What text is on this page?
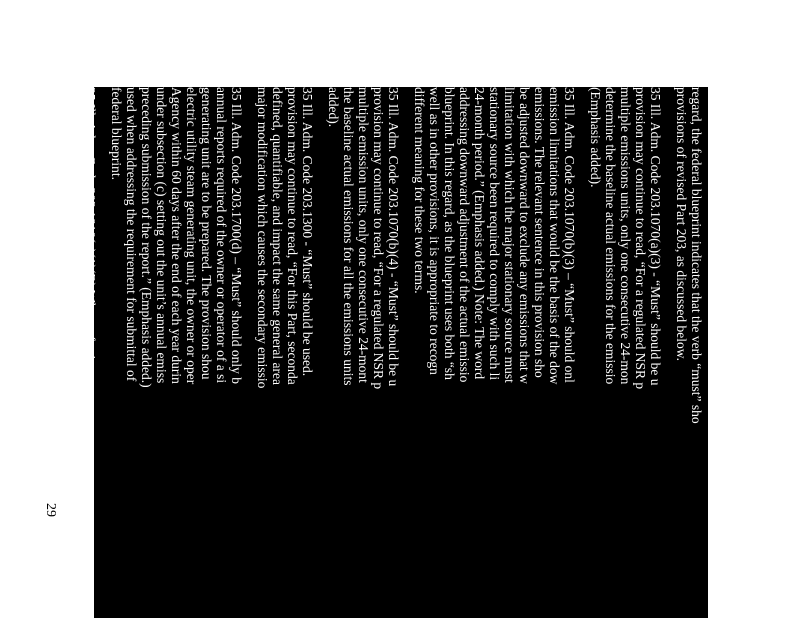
regard, the federal blueprint indicates that the verb “must” sho
provisions of revised Part 203, as discussed below.
35 Ill. Adm. Code 203.1070(a)(3) - “Must” should be u
provision may continue to read, “For a regulated NSR p
multiple emissions units, only one consecutive 24-mon
determine the baseline actual emissions for the emissio
(Emphasis added).
35 Ill. Adm. Code 203.1070(b)(3) – “Must” should onl
emission limitations that would be the basis of the dow
emissions. The relevant sentence in this provision sho
be adjusted downward to exclude any emissions that w
limitation with which the major stationary source must
stationary source been required to comply with such li
24-month period.” (Emphasis added.) Note: The word
addressing downward adjustment of the actual emissio
blueprint. In this regard, as the blueprint uses both “sh
well as in other provisions, it is appropriate to recogn
different meaning for these two terms.
35 Ill. Adm. Code 203.1070(b)(4) - “Must” should be u
provision may continue to read, “For a regulated NSR p
multiple emission units, only one consecutive 24-mont
the baseline actual emissions for all the emissions units
added).
35 Ill. Adm. Code 203.1300 - “Must” should be used.
provision may continue to read, “For this Part, seconda
defined, quantifiable, and impact the same general area
major modification which causes the secondary emissio
35 Ill. Adm. Code 203.1700(d) – “Must” should only b
annual reports required of the owner or operator of a si
generating unit are to be prepared. The provision shou
electric utility steam generating unit, the owner or oper
Agency within 60 days after the end of each year durin
under subsection (c) setting out the unit’s annual emiss
preceding submission of the report.” (Emphasis added.)
used when addressing the requirement for submittal of
federal blueprint.
35 Ill. Adm. Code 203.1810(a)(1)(B) When referring
or operator of a major source or major modification pro
should only be used. The provision should read, “The
29
